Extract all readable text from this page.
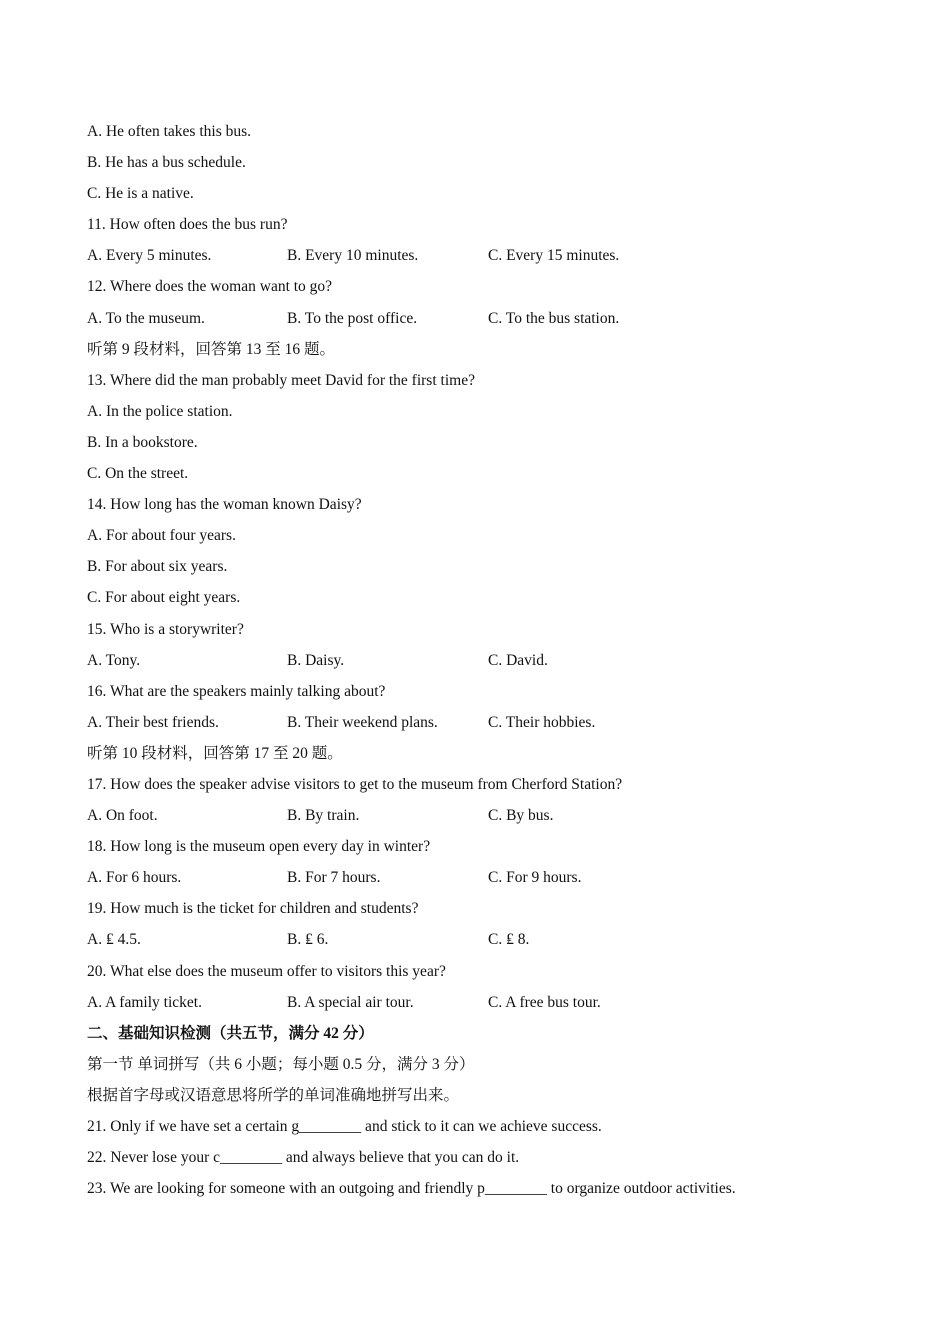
A. He often takes this bus.
B. He has a bus schedule.
C. He is a native.
11. How often does the bus run?
A. Every 5 minutes.	B. Every 10 minutes.	C. Every 15 minutes.
12. Where does the woman want to go?
A. To the museum.	B. To the post office.	C. To the bus station.
听第 9 段材料，回答第 13 至 16 题。
13. Where did the man probably meet David for the first time?
A. In the police station.
B. In a bookstore.
C. On the street.
14. How long has the woman known Daisy?
A. For about four years.
B. For about six years.
C. For about eight years.
15. Who is a storywriter?
A. Tony.	B. Daisy.	C. David.
16. What are the speakers mainly talking about?
A. Their best friends.	B. Their weekend plans.	C. Their hobbies.
听第 10 段材料，回答第 17 至 20 题。
17. How does the speaker advise visitors to get to the museum from Cherford Station?
A. On foot.	B. By train.	C. By bus.
18. How long is the museum open every day in winter?
A. For 6 hours.	B. For 7 hours.	C. For 9 hours.
19. How much is the ticket for children and students?
A. ₤ 4.5.	B. ₤ 6.	C. ₤ 8.
20. What else does the museum offer to visitors this year?
A. A family ticket.	B. A special air tour.	C. A free bus tour.
二、基础知识检测（共五节，满分 42 分）
第一节 单词拼写（共 6 小题；每小题 0.5 分，满分 3 分）
根据首字母或汉语意思将所学的单词准确地拼写出来。
21. Only if we have set a certain g________ and stick to it can we achieve success.
22. Never lose your c________ and always believe that you can do it.
23. We are looking for someone with an outgoing and friendly p________ to organize outdoor activities.
